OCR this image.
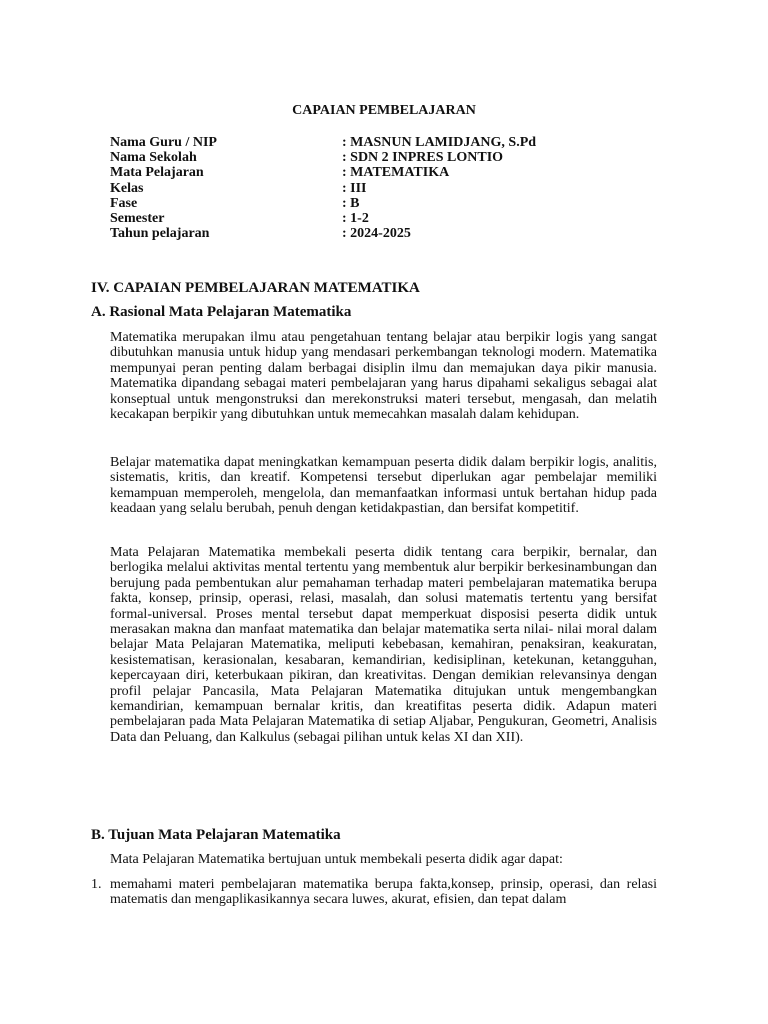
CAPAIAN PEMBELAJARAN
Nama Guru / NIP	: MASNUN LAMIDJANG, S.Pd
Nama Sekolah	: SDN 2 INPRES LONTIO
Mata Pelajaran	: MATEMATIKA
Kelas	: III
Fase	: B
Semester	: 1-2
Tahun pelajaran	: 2024-2025
IV. CAPAIAN PEMBELAJARAN MATEMATIKA
A. Rasional Mata Pelajaran Matematika

Matematika merupakan ilmu atau pengetahuan tentang belajar atau berpikir logis yang sangat dibutuhkan manusia untuk hidup yang mendasari perkembangan teknologi modern. Matematika mempunyai peran penting dalam berbagai disiplin ilmu dan memajukan daya pikir manusia. Matematika dipandang sebagai materi pembelajaran yang harus dipahami sekaligus sebagai alat konseptual untuk mengonstruksi dan merekonstruksi materi tersebut, mengasah, dan melatih kecakapan berpikir yang dibutuhkan untuk memecahkan masalah dalam kehidupan.

Belajar matematika dapat meningkatkan kemampuan peserta didik dalam berpikir logis, analitis, sistematis, kritis, dan kreatif. Kompetensi tersebut diperlukan agar pembelajar memiliki kemampuan memperoleh, mengelola, dan memanfaatkan informasi untuk bertahan hidup pada keadaan yang selalu berubah, penuh dengan ketidakpastian, dan bersifat kompetitif.

Mata Pelajaran Matematika membekali peserta didik tentang cara berpikir, bernalar, dan berlogika melalui aktivitas mental tertentu yang membentuk alur berpikir berkesinambungan dan berujung pada pembentukan alur pemahaman terhadap materi pembelajaran matematika berupa fakta, konsep, prinsip, operasi, relasi, masalah, dan solusi matematis tertentu yang bersifat formal-universal. Proses mental tersebut dapat memperkuat disposisi peserta didik untuk merasakan makna dan manfaat matematika dan belajar matematika serta nilai- nilai moral dalam belajar Mata Pelajaran Matematika, meliputi kebebasan, kemahiran, penaksiran, keakuratan, kesistematisan, kerasionalan, kesabaran, kemandirian, kedisiplinan, ketekunan, ketangguhan, kepercayaan diri, keterbukaan pikiran, dan kreativitas. Dengan demikian relevansinya dengan profil pelajar Pancasila, Mata Pelajaran Matematika ditujukan untuk mengembangkan kemandirian, kemampuan bernalar kritis, dan kreatifitas peserta didik. Adapun materi pembelajaran pada Mata Pelajaran Matematika di setiap Aljabar, Pengukuran, Geometri, Analisis Data dan Peluang, dan Kalkulus (sebagai pilihan untuk kelas XI dan XII).

B. Tujuan Mata Pelajaran Matematika

Mata Pelajaran Matematika bertujuan untuk membekali peserta didik agar dapat:

1. memahami materi pembelajaran matematika berupa fakta,konsep, prinsip, operasi, dan relasi matematis dan mengaplikasikannya secara luwes, akurat, efisien, dan tepat dalam
